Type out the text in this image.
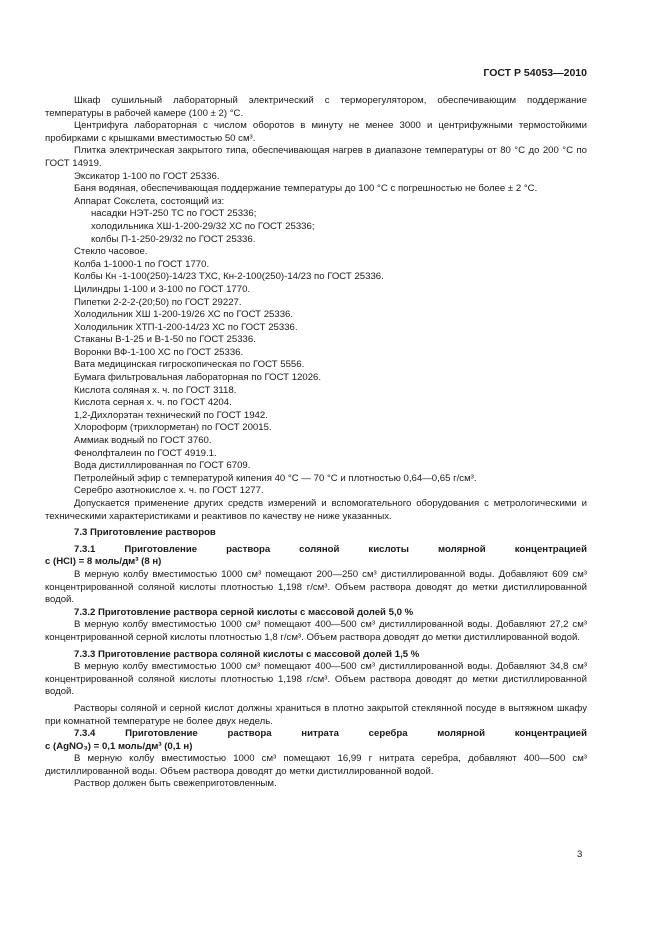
ГОСТ Р 54053—2010

Шкаф сушильный лабораторный электрический с терморегулятором, обеспечивающим поддержание температуры в рабочей камере (100 ± 2) °С.

Центрифуга лабораторная с числом оборотов в минуту не менее 3000 и центрифужными термостойкими пробирками с крышками вместимостью 50 см³.

Плитка электрическая закрытого типа, обеспечивающая нагрев в диапазоне температуры от 80 °С до 200 °С по ГОСТ 14919.

Эксикатор 1-100 по ГОСТ 25336.

Баня водяная, обеспечивающая поддержание температуры до 100 °С с погрешностью не более ± 2 °С.

Аппарат Сокслета, состоящий из:

насадки НЭТ-250 ТС по ГОСТ 25336;

холодильника ХШ-1-200-29/32 ХС по ГОСТ 25336;

колбы П-1-250-29/32 по ГОСТ 25336.

Стекло часовое.

Колба 1-1000-1 по ГОСТ 1770.

Колбы Кн -1-100(250)-14/23 ТХС, Кн-2-100(250)-14/23 по ГОСТ 25336.

Цилиндры 1-100 и 3-100 по ГОСТ 1770.

Пипетки 2-2-2-(20;50) по ГОСТ 29227.

Холодильник ХШ 1-200-19/26 ХС по ГОСТ 25336.

Холодильник ХТП-1-200-14/23 ХС по ГОСТ 25336.

Стаканы В-1-25 и В-1-50 по ГОСТ 25336.

Воронки ВФ-1-100 ХС по ГОСТ 25336.

Вата медицинская гигроскопическая по ГОСТ 5556.

Бумага фильтровальная лабораторная по ГОСТ 12026.

Кислота соляная х. ч. по ГОСТ 3118.

Кислота серная х. ч. по ГОСТ 4204.

1,2-Дихлорэтан технический по ГОСТ 1942.

Хлороформ (трихлорметан) по ГОСТ 20015.

Аммиак водный по ГОСТ 3760.

Фенолфталеин по ГОСТ 4919.1.

Вода дистиллированная по ГОСТ 6709.

Петролейный эфир с температурой кипения 40 °С — 70 °С и плотностью 0,64—0,65 г/см³.

Серебро азотнокислое х. ч. по ГОСТ 1277.

Допускается применение других средств измерений и вспомогательного оборудования с метрологическими и техническими характеристиками и реактивов по качеству не ниже указанных.

7.3 Приготовление растворов

7.3.1 Приготовление раствора соляной кислоты молярной концентрацией

с (HCl) = 8 моль/дм³ (8 н)

В мерную колбу вместимостью 1000 см³ помещают 200—250 см³ дистиллированной воды. Добавляют 609 см³ концентрированной соляной кислоты плотностью 1,198 г/см³. Объем раствора доводят до метки дистиллированной водой.

7.3.2 Приготовление раствора серной кислоты с массовой долей 5,0 %

В мерную колбу вместимостью 1000 см³ помещают 400—500 см³ дистиллированной воды. Добавляют 27,2 см³ концентрированной серной кислоты плотностью 1,8 г/см³. Объем раствора доводят до метки дистиллированной водой.

7.3.3 Приготовление раствора соляной кислоты с массовой долей 1,5 %

В мерную колбу вместимостью 1000 см³ помещают 400—500 см³ дистиллированной воды. Добавляют 34,8 см³ концентрированной соляной кислоты плотностью 1,198 г/см³. Объем раствора доводят до метки дистиллированной водой.

Растворы соляной и серной кислот должны храниться в плотно закрытой стеклянной посуде в вытяжном шкафу при комнатной температуре не более двух недель.

7.3.4 Приготовление раствора нитрата серебра молярной концентрацией

с (AgNO₃) = 0,1 моль/дм³ (0,1 н)

В мерную колбу вместимостью 1000 см³ помещают 16,99 г нитрата серебра, добавляют 400—500 см³ дистиллированной воды. Объем раствора доводят до метки дистиллированной водой.

Раствор должен быть свежеприготовленным.

3
